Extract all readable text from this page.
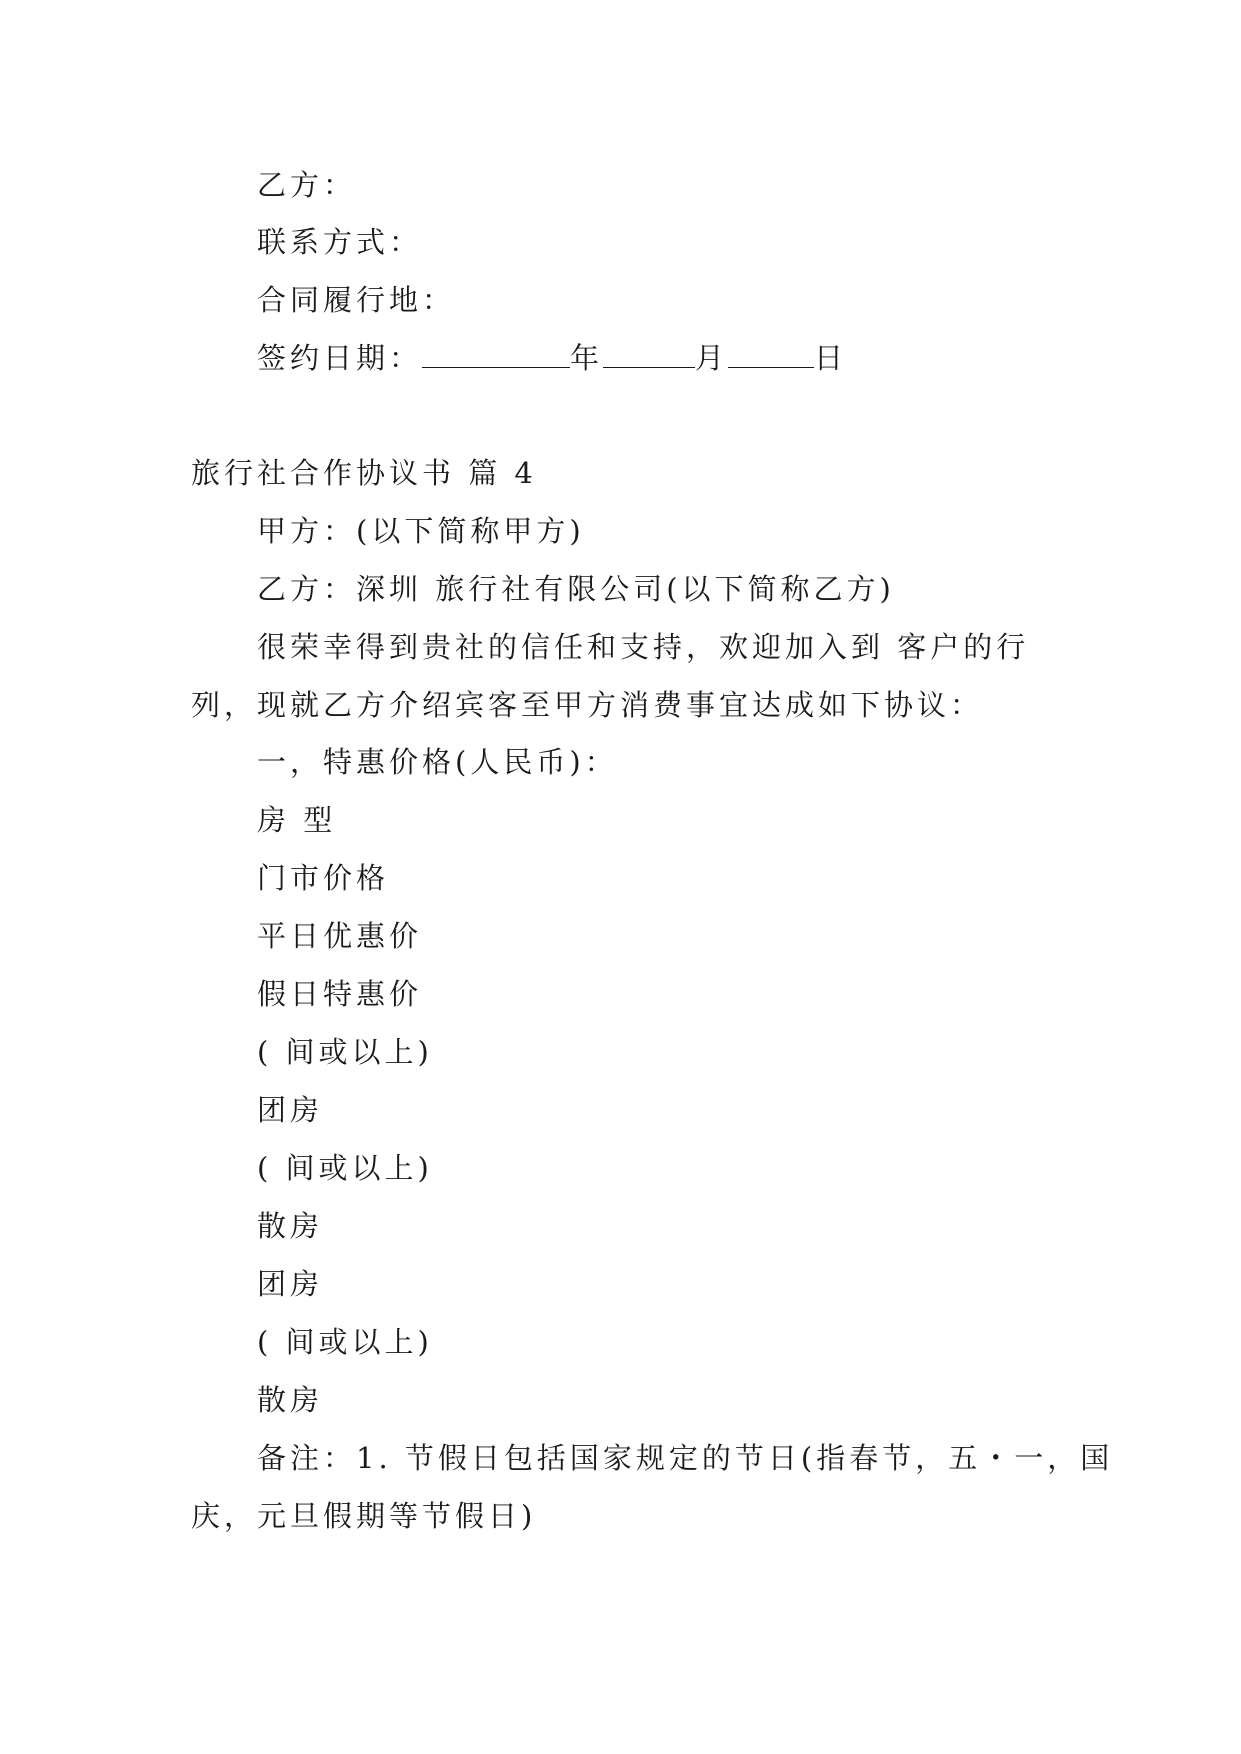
乙方：
联系方式：
合同履行地：
签约日期：	年	月	日
旅行社合作协议书 篇 4
甲方：(以下简称甲方)
乙方：深圳 旅行社有限公司(以下简称乙方)
很荣幸得到贵社的信任和支持，欢迎加入到 客户的行
列，现就乙方介绍宾客至甲方消费事宜达成如下协议：
一，特惠价格(人民币)：
房 型
门市价格
平日优惠价
假日特惠价
( 间或以上)
团房
( 间或以上)
散房
团房
( 间或以上)
散房
备注：1. 节假日包括国家规定的节日(指春节，五・一，国
庆，元旦假期等节假日)
